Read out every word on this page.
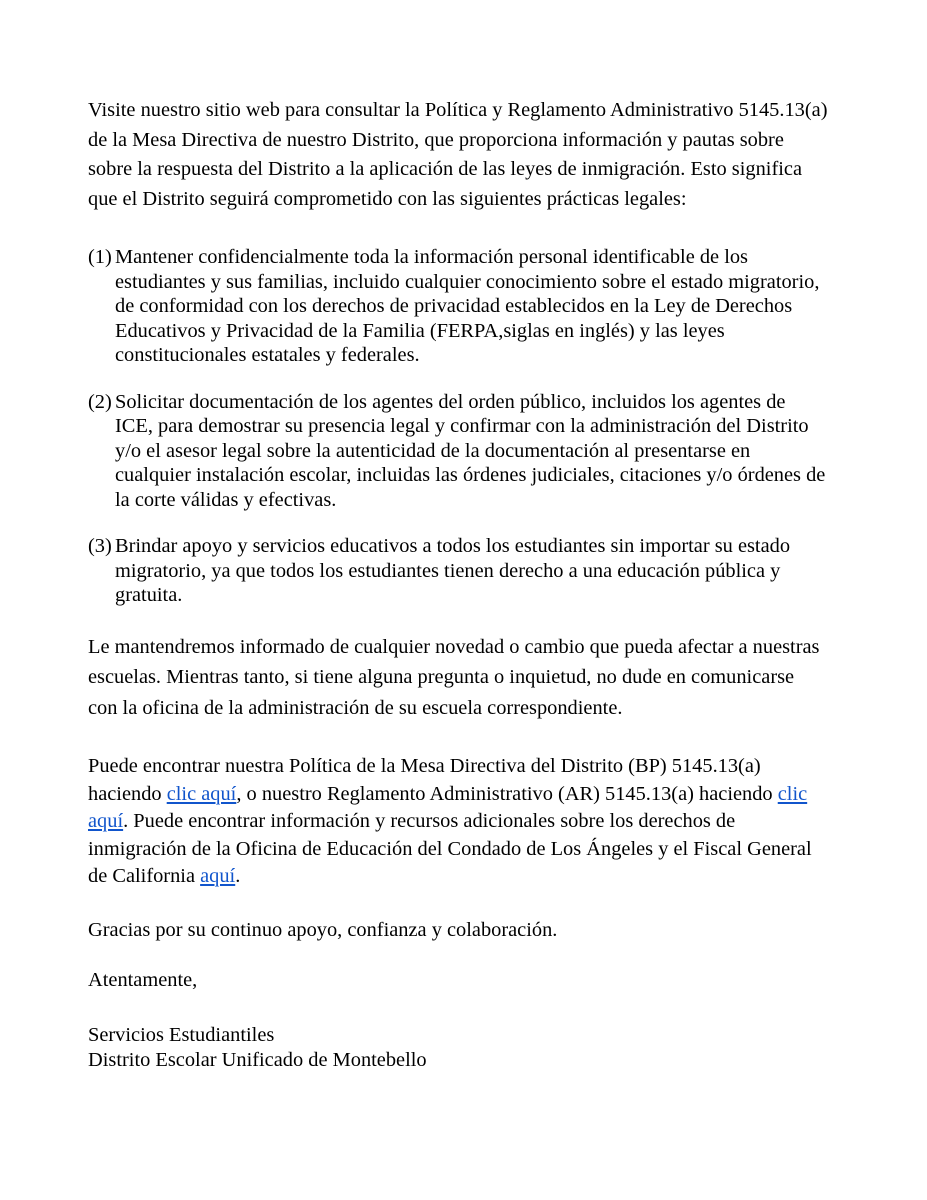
Visite nuestro sitio web para consultar la Política y Reglamento Administrativo 5145.13(a) de la Mesa Directiva de nuestro Distrito, que proporciona información y pautas sobre sobre la respuesta del Distrito a la aplicación de las leyes de inmigración. Esto significa que el Distrito seguirá comprometido con las siguientes prácticas legales:

(1) Mantener confidencialmente toda la información personal identificable de los estudiantes y sus familias, incluido cualquier conocimiento sobre el estado migratorio, de conformidad con los derechos de privacidad establecidos en la Ley de Derechos Educativos y Privacidad de la Familia (FERPA,siglas en inglés) y las leyes constitucionales estatales y federales.
(2) Solicitar documentación de los agentes del orden público, incluidos los agentes de ICE, para demostrar su presencia legal y confirmar con la administración del Distrito y/o el asesor legal sobre la autenticidad de la documentación al presentarse en cualquier instalación escolar, incluidas las órdenes judiciales, citaciones y/o órdenes de la corte válidas y efectivas.
(3) Brindar apoyo y servicios educativos a todos los estudiantes sin importar su estado migratorio, ya que todos los estudiantes tienen derecho a una educación pública y gratuita.

Le mantendremos informado de cualquier novedad o cambio que pueda afectar a nuestras escuelas. Mientras tanto, si tiene alguna pregunta o inquietud, no dude en comunicarse con la oficina de la administración de su escuela correspondiente.

Puede encontrar nuestra Política de la Mesa Directiva del Distrito (BP) 5145.13(a) haciendo clic aquí, o nuestro Reglamento Administrativo (AR) 5145.13(a) haciendo clic aquí. Puede encontrar información y recursos adicionales sobre los derechos de inmigración de la Oficina de Educación del Condado de Los Ángeles y el Fiscal General de California aquí.

Gracias por su continuo apoyo, confianza y colaboración.

Atentamente,

Servicios Estudiantiles
Distrito Escolar Unificado de Montebello
